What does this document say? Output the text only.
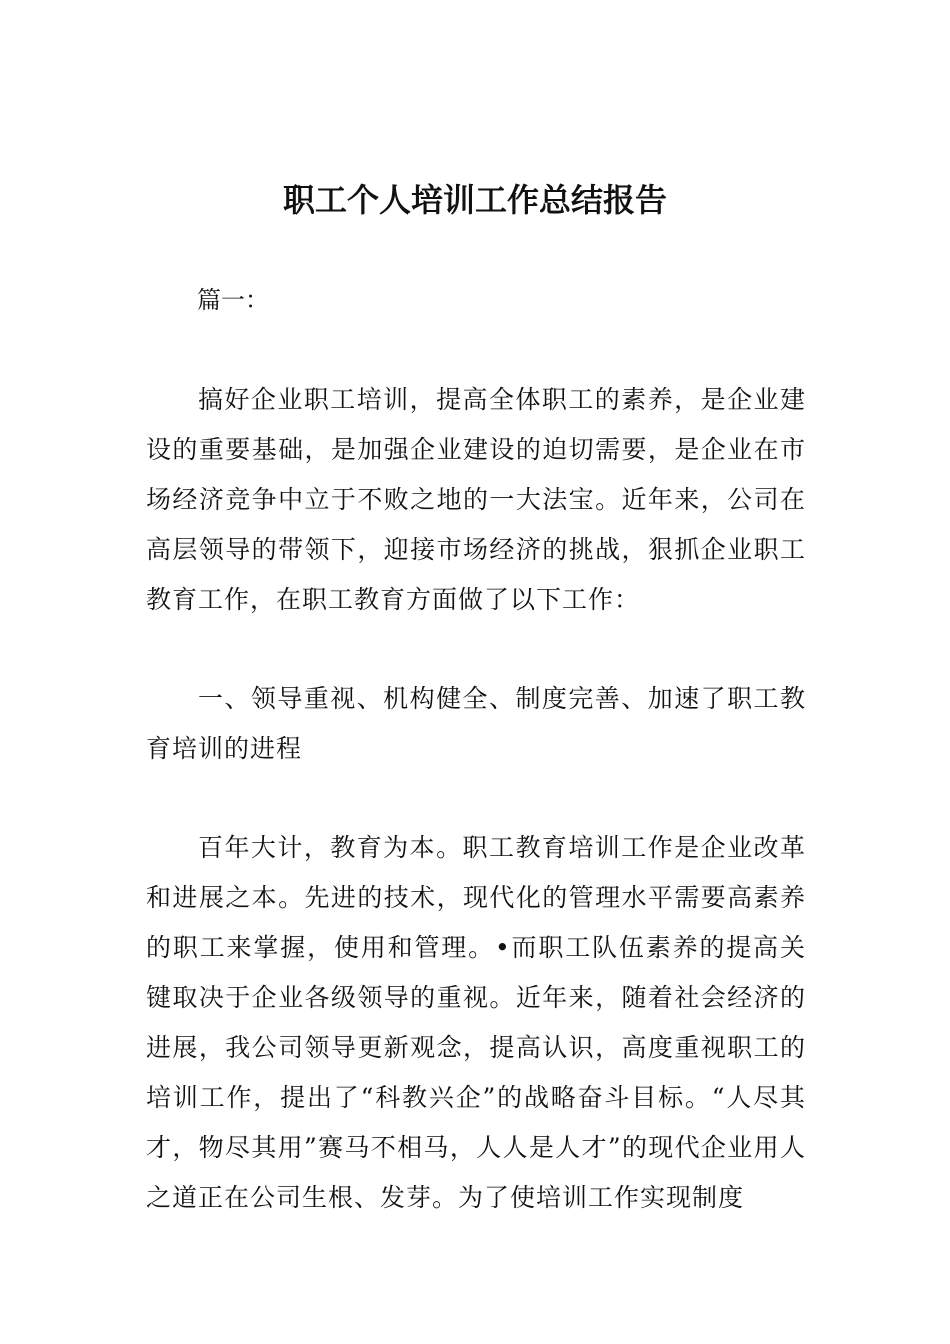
职工个人培训工作总结报告

篇一：

搞好企业职工培训，提高全体职工的素养，是企业建设的重要基础，是加强企业建设的迫切需要，是企业在市场经济竞争中立于不败之地的一大法宝。近年来，公司在高层领导的带领下，迎接市场经济的挑战，狠抓企业职工教育工作，在职工教育方面做了以下工作：

一、领导重视、机构健全、制度完善、加速了职工教育培训的进程

百年大计，教育为本。职工教育培训工作是企业改革和进展之本。先进的技术，现代化的管理水平需要高素养的职工来掌握，使用和管理。•而职工队伍素养的提高关键取决于企业各级领导的重视。近年来，随着社会经济的进展，我公司领导更新观念，提高认识，高度重视职工的培训工作，提出了“科教兴企”的战略奋斗目标。“人尽其才，物尽其用”赛马不相马，人人是人才”的现代企业用人之道正在公司生根、发芽。为了使培训工作实现制度
